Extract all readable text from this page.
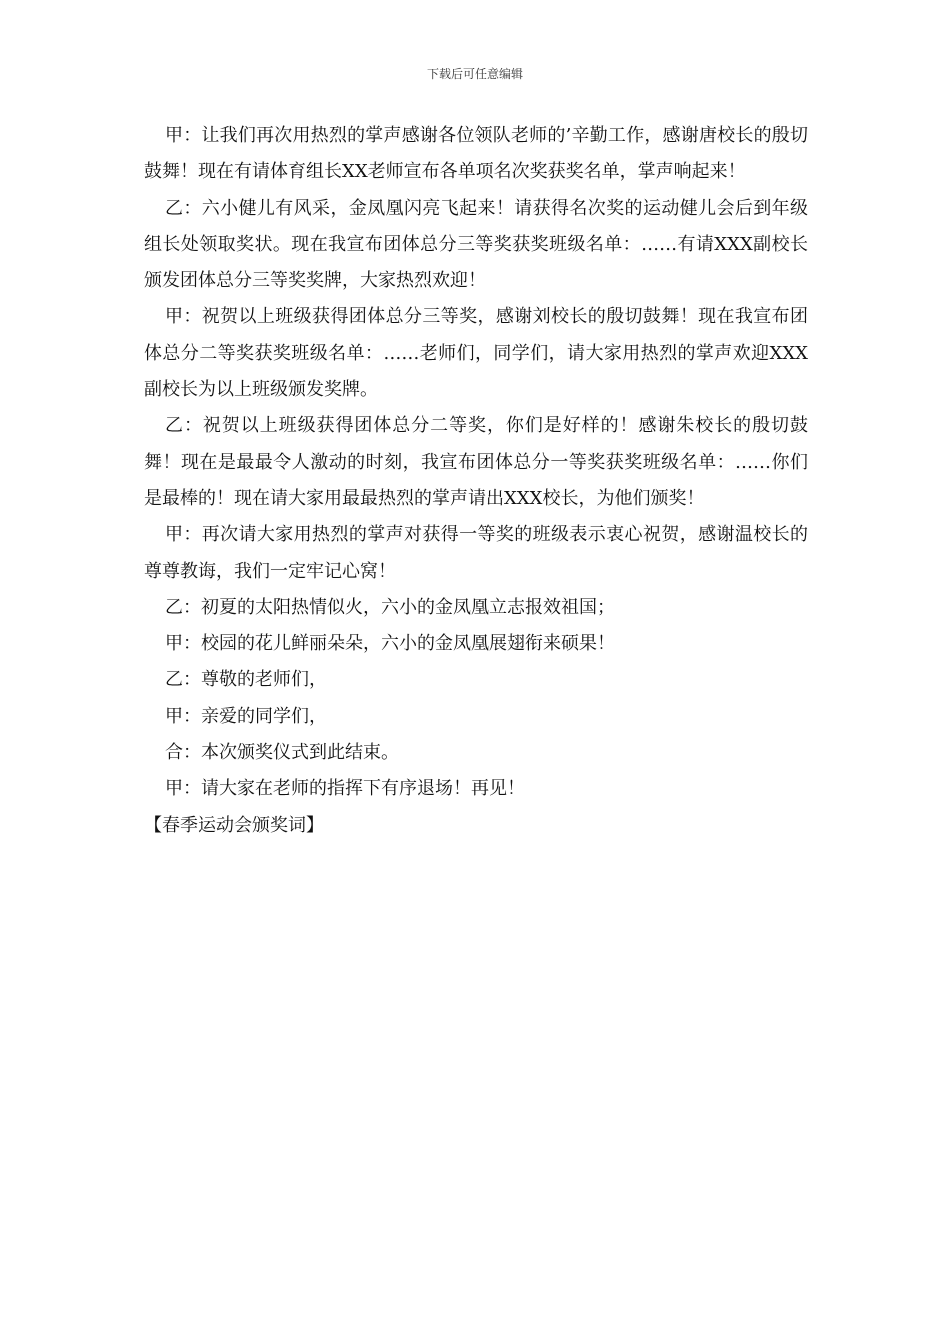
下载后可任意编辑

甲：让我们再次用热烈的掌声感谢各位领队老师的’辛勤工作，感谢唐校长的殷切鼓舞！现在有请体育组长XX老师宣布各单项名次奖获奖名单，掌声响起来！

乙：六小健儿有风采，金凤凰闪亮飞起来！请获得名次奖的运动健儿会后到年级组长处领取奖状。现在我宣布团体总分三等奖获奖班级名单：……有请XXX副校长颁发团体总分三等奖奖牌，大家热烈欢迎！

甲：祝贺以上班级获得团体总分三等奖，感谢刘校长的殷切鼓舞！现在我宣布团体总分二等奖获奖班级名单：……老师们，同学们，请大家用热烈的掌声欢迎XXX副校长为以上班级颁发奖牌。

乙：祝贺以上班级获得团体总分二等奖，你们是好样的！感谢朱校长的殷切鼓舞！现在是最最令人激动的时刻，我宣布团体总分一等奖获奖班级名单：……你们是最棒的！现在请大家用最最热烈的掌声请出XXX校长，为他们颁奖！

甲：再次请大家用热烈的掌声对获得一等奖的班级表示衷心祝贺，感谢温校长的尊尊教诲，我们一定牢记心窝！

乙：初夏的太阳热情似火，六小的金凤凰立志报效祖国；

甲：校园的花儿鲜丽朵朵，六小的金凤凰展翅衔来硕果！

乙：尊敬的老师们，

甲：亲爱的同学们，

合：本次颁奖仪式到此结束。

甲：请大家在老师的指挥下有序退场！再见！

【春季运动会颁奖词】
